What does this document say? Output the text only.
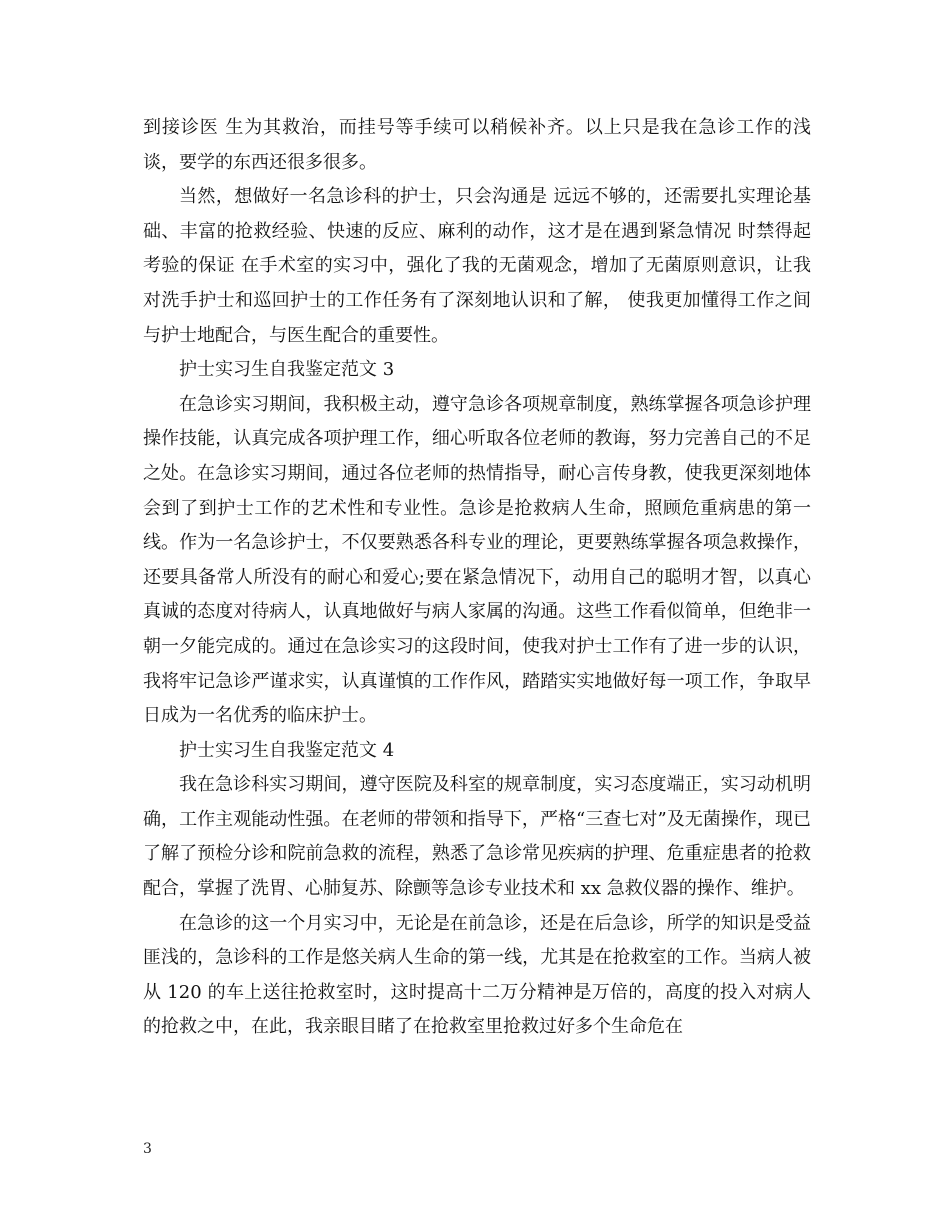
到接诊医 生为其救治，而挂号等手续可以稍候补齐。以上只是我在急诊工作的浅谈，要学的东西还很多很多。

当然，想做好一名急诊科的护士，只会沟通是 远远不够的，还需要扎实理论基础、丰富的抢救经验、快速的反应、麻利的动作，这才是在遇到紧急情况 时禁得起考验的保证 在手术室的实习中，强化了我的无菌观念，增加了无菌原则意识，让我对洗手护士和巡回护士的工作任务有了深刻地认识和了解， 使我更加懂得工作之间与护士地配合，与医生配合的重要性。

护士实习生自我鉴定范文 3

在急诊实习期间，我积极主动，遵守急诊各项规章制度，熟练掌握各项急诊护理操作技能，认真完成各项护理工作，细心听取各位老师的教诲，努力完善自己的不足之处。在急诊实习期间，通过各位老师的热情指导，耐心言传身教，使我更深刻地体会到了到护士工作的艺术性和专业性。急诊是抢救病人生命，照顾危重病患的第一线。作为一名急诊护士，不仅要熟悉各科专业的理论，更要熟练掌握各项急救操作，还要具备常人所没有的耐心和爱心;要在紧急情况下，动用自己的聪明才智，以真心真诚的态度对待病人，认真地做好与病人家属的沟通。这些工作看似简单，但绝非一朝一夕能完成的。通过在急诊实习的这段时间，使我对护士工作有了进一步的认识，我将牢记急诊严谨求实，认真谨慎的工作作风，踏踏实实地做好每一项工作，争取早日成为一名优秀的临床护士。

护士实习生自我鉴定范文 4

我在急诊科实习期间，遵守医院及科室的规章制度，实习态度端正，实习动机明确，工作主观能动性强。在老师的带领和指导下，严格“三查七对”及无菌操作，现已了解了预检分诊和院前急救的流程，熟悉了急诊常见疾病的护理、危重症患者的抢救配合，掌握了洗胃、心肺复苏、除颤等急诊专业技术和 xx 急救仪器的操作、维护。

在急诊的这一个月实习中，无论是在前急诊，还是在后急诊，所学的知识是受益匪浅的，急诊科的工作是悠关病人生命的第一线，尤其是在抢救室的工作。当病人被从 120 的车上送往抢救室时，这时提高十二万分精神是万倍的，高度的投入对病人的抢救之中，在此，我亲眼目睹了在抢救室里抢救过好多个生命危在

3
